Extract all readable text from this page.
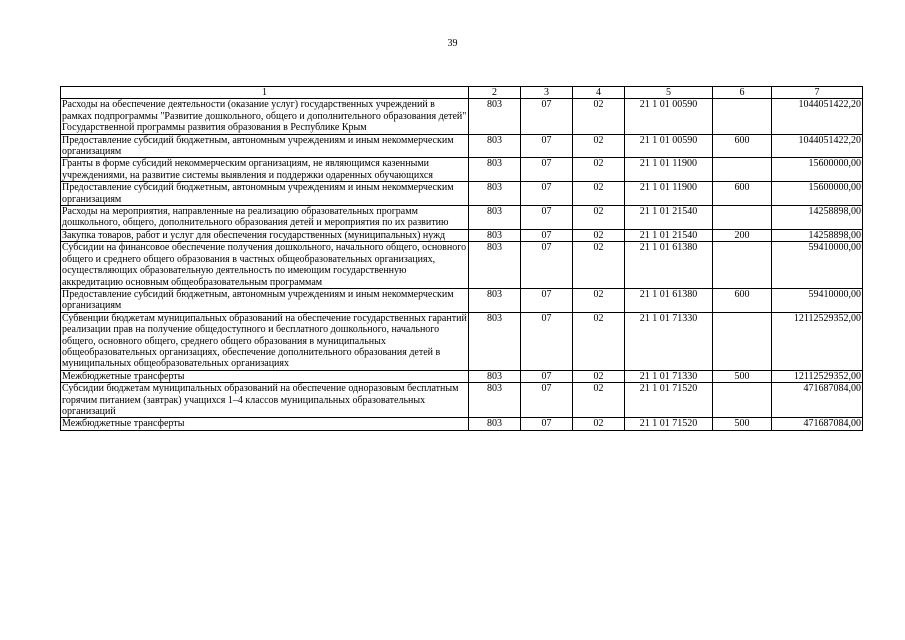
39
1	2	3	4	5	6	7
Расходы на обеспечение деятельности (оказание услуг) государственных учреждений в рамках подпрограммы "Развитие дошкольного, общего и дополнительного образования детей" Государственной программы развития образования в Республике Крым	803	07	02	21 1 01 00590		1044051422,20
Предоставление субсидий бюджетным, автономным учреждениям и иным некоммерческим организациям	803	07	02	21 1 01 00590	600	1044051422,20
Гранты в форме субсидий некоммерческим организациям, не являющимся казенными учреждениями, на развитие системы выявления и поддержки одаренных обучающихся	803	07	02	21 1 01 11900		15600000,00
Предоставление субсидий бюджетным, автономным учреждениям и иным некоммерческим организациям	803	07	02	21 1 01 11900	600	15600000,00
Расходы на мероприятия, направленные на реализацию образовательных программ дошкольного, общего, дополнительного образования детей и мероприятия по их развитию	803	07	02	21 1 01 21540		14258898,00
Закупка товаров, работ и услуг для обеспечения государственных (муниципальных) нужд	803	07	02	21 1 01 21540	200	14258898,00
Субсидии на финансовое обеспечение получения дошкольного, начального общего, основного общего и среднего общего образования в частных общеобразовательных организациях, осуществляющих образовательную деятельность по имеющим государственную аккредитацию основным общеобразовательным программам	803	07	02	21 1 01 61380		59410000,00
Предоставление субсидий бюджетным, автономным учреждениям и иным некоммерческим организациям	803	07	02	21 1 01 61380	600	59410000,00
Субвенции бюджетам муниципальных образований на обеспечение государственных гарантий реализации прав на получение общедоступного и бесплатного дошкольного, начального общего, основного общего, среднего общего образования в муниципальных общеобразовательных организациях, обеспечение дополнительного образования детей в муниципальных общеобразовательных организациях	803	07	02	21 1 01 71330		12112529352,00
Межбюджетные трансферты	803	07	02	21 1 01 71330	500	12112529352,00
Субсидии бюджетам муниципальных образований на обеспечение одноразовым бесплатным горячим питанием (завтрак) учащихся 1–4 классов муниципальных образовательных организаций	803	07	02	21 1 01 71520		471687084,00
Межбюджетные трансферты	803	07	02	21 1 01 71520	500	471687084,00
